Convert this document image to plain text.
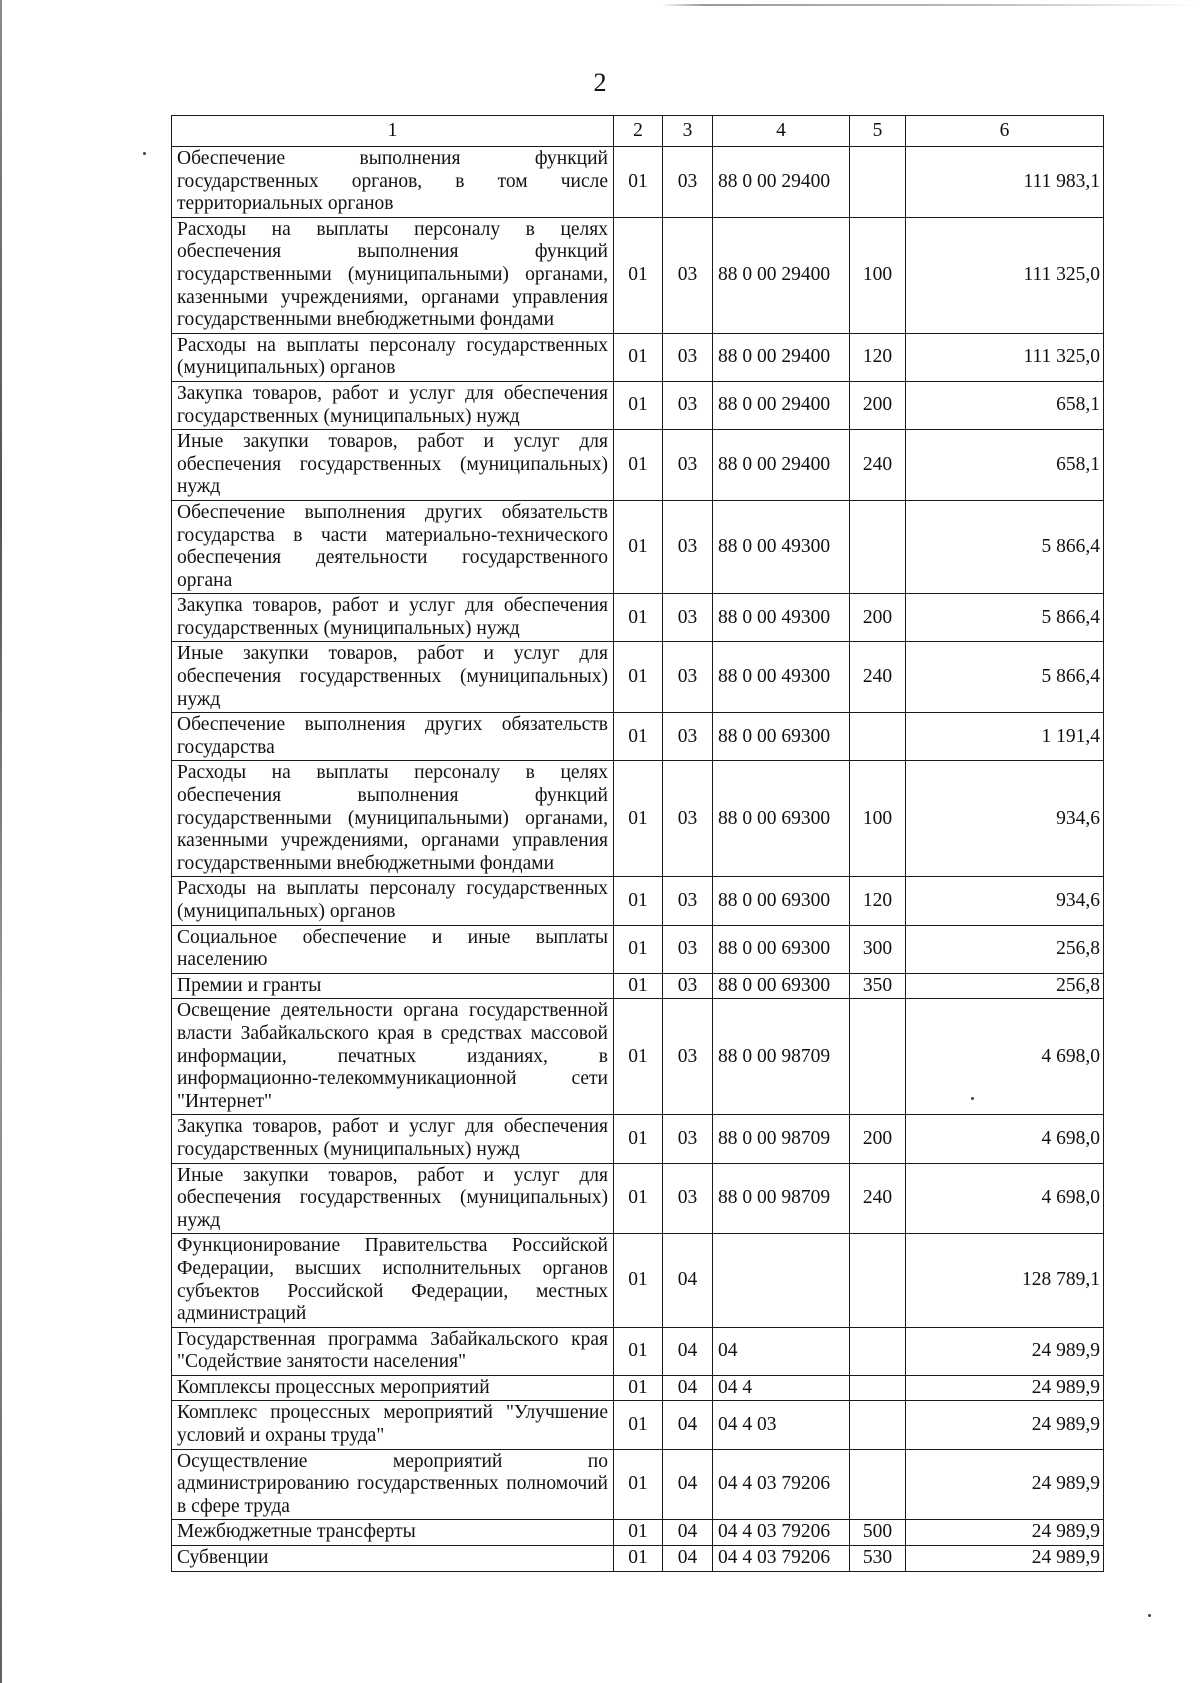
2
1	2	3	4	5	6
Обеспечение выполнения функций государственных органов, в том числе территориальных органов	01	03	88 0 00 29400		111 983,1
Расходы на выплаты персоналу в целях обеспечения выполнения функций государственными (муниципальными) органами, казенными учреждениями, органами управления государственными внебюджетными фондами	01	03	88 0 00 29400	100	111 325,0
Расходы на выплаты персоналу государственных (муниципальных) органов	01	03	88 0 00 29400	120	111 325,0
Закупка товаров, работ и услуг для обеспечения государственных (муниципальных) нужд	01	03	88 0 00 29400	200	658,1
Иные закупки товаров, работ и услуг для обеспечения государственных (муниципальных) нужд	01	03	88 0 00 29400	240	658,1
Обеспечение выполнения других обязательств государства в части материально-технического обеспечения деятельности государственного органа	01	03	88 0 00 49300		5 866,4
Закупка товаров, работ и услуг для обеспечения государственных (муниципальных) нужд	01	03	88 0 00 49300	200	5 866,4
Иные закупки товаров, работ и услуг для обеспечения государственных (муниципальных) нужд	01	03	88 0 00 49300	240	5 866,4
Обеспечение выполнения других обязательств государства	01	03	88 0 00 69300		1 191,4
Расходы на выплаты персоналу в целях обеспечения выполнения функций государственными (муниципальными) органами, казенными учреждениями, органами управления государственными внебюджетными фондами	01	03	88 0 00 69300	100	934,6
Расходы на выплаты персоналу государственных (муниципальных) органов	01	03	88 0 00 69300	120	934,6
Социальное обеспечение и иные выплаты населению	01	03	88 0 00 69300	300	256,8
Премии и гранты	01	03	88 0 00 69300	350	256,8
Освещение деятельности органа государственной власти Забайкальского края в средствах массовой информации, печатных изданиях, в информационно-телекоммуникационной сети "Интернет"	01	03	88 0 00 98709		4 698,0
Закупка товаров, работ и услуг для обеспечения государственных (муниципальных) нужд	01	03	88 0 00 98709	200	4 698,0
Иные закупки товаров, работ и услуг для обеспечения государственных (муниципальных) нужд	01	03	88 0 00 98709	240	4 698,0
Функционирование Правительства Российской Федерации, высших исполнительных органов субъектов Российской Федерации, местных администраций	01	04			128 789,1
Государственная программа Забайкальского края "Содействие занятости населения"	01	04	04		24 989,9
Комплексы процессных мероприятий	01	04	04 4		24 989,9
Комплекс процессных мероприятий "Улучшение условий и охраны труда"	01	04	04 4 03		24 989,9
Осуществление мероприятий по администрированию государственных полномочий в сфере труда	01	04	04 4 03 79206		24 989,9
Межбюджетные трансферты	01	04	04 4 03 79206	500	24 989,9
Субвенции	01	04	04 4 03 79206	530	24 989,9
